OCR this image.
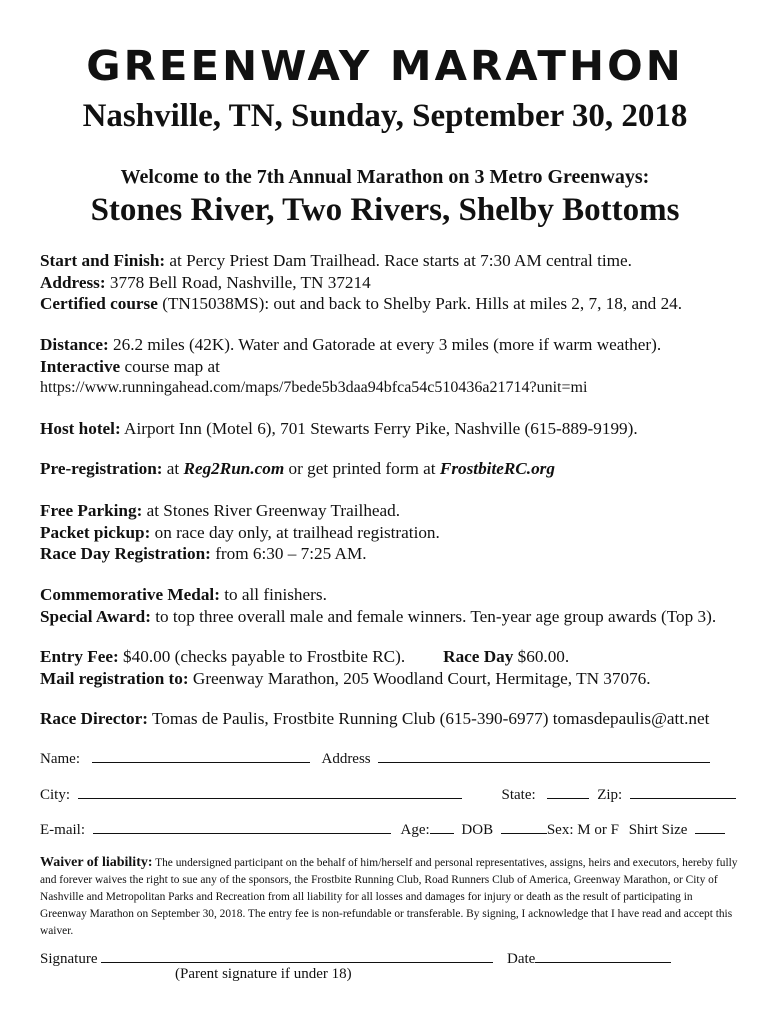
GREENWAY MARATHON
Nashville, TN, Sunday, September 30, 2018
Welcome to the 7th Annual Marathon on 3 Metro Greenways:
Stones River, Two Rivers, Shelby Bottoms

Start and Finish: at Percy Priest Dam Trailhead. Race starts at 7:30 AM central time.

Address: 3778 Bell Road, Nashville, TN 37214

Certified course (TN15038MS): out and back to Shelby Park. Hills at miles 2, 7, 18, and 24.

Distance: 26.2 miles (42K). Water and Gatorade at every 3 miles (more if warm weather).

Interactive course map at

https://www.runningahead.com/maps/7bede5b3daa94bfca54c510436a21714?unit=mi

Host hotel: Airport Inn (Motel 6), 701 Stewarts Ferry Pike, Nashville (615-889-9199).

Pre-registration: at Reg2Run.com or get printed form at FrostbiteRC.org

Free Parking: at Stones River Greenway Trailhead.

Packet pickup: on race day only, at trailhead registration.

Race Day Registration: from 6:30 – 7:25 AM.

Commemorative Medal: to all finishers.

Special Award: to top three overall male and female winners. Ten-year age group awards (Top 3).

Entry Fee: $40.00 (checks payable to Frostbite RC). Race Day $60.00.

Mail registration to: Greenway Marathon, 205 Woodland Court, Hermitage, TN 37076.

Race Director: Tomas de Paulis, Frostbite Running Club (615-390-6977) tomasdepaulis@att.net

Name:	Address
City:	State:	Zip:
E-mail:	Age: DOB	Sex: M or F Shirt Size
Waiver of liability: The undersigned participant on the behalf of him/herself and personal representatives, assigns, heirs and executors, hereby fully and forever waives the right to sue any of the sponsors, the Frostbite Running Club, Road Runners Club of America, Greenway Marathon, or City of Nashville and Metropolitan Parks and Recreation from all liability for all losses and damages for injury or death as the result of participating in Greenway Marathon on September 30, 2018. The entry fee is non-refundable or transferable. By signing, I acknowledge that I have read and accept this waiver.
Signature	Date
(Parent signature if under 18)
